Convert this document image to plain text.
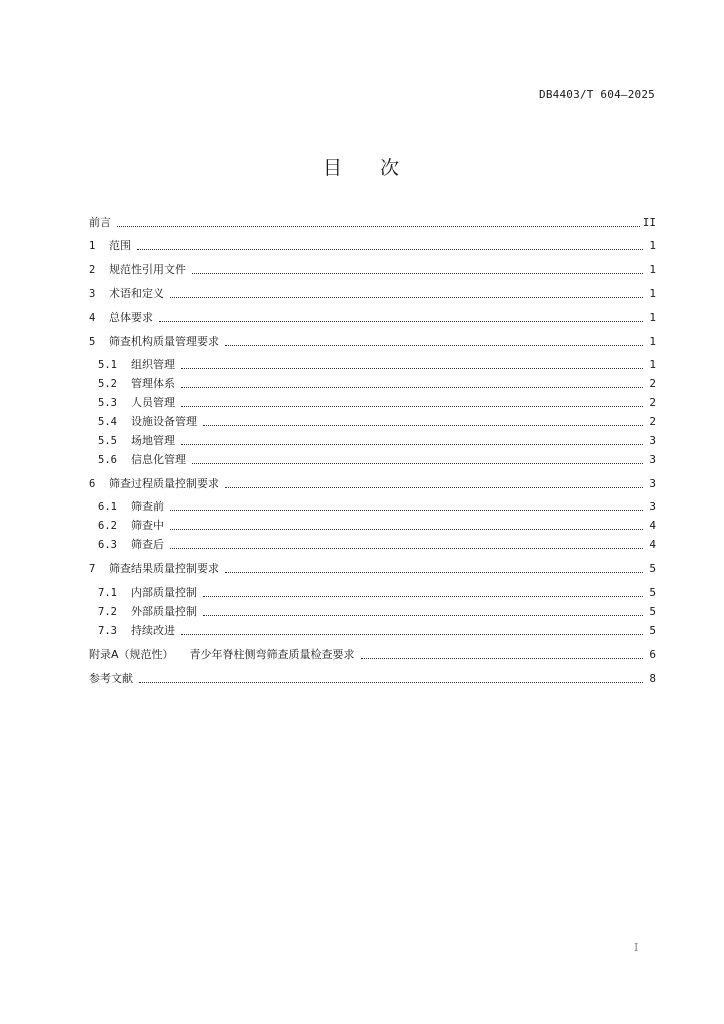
DB4403/T 604—2025
目 次
前言	II
1	范围	1
2	规范性引用文件	1
3	术语和定义	1
4	总体要求	1
5	筛查机构质量管理要求	1
5.1	组织管理	1
5.2	管理体系	2
5.3	人员管理	2
5.4	设施设备管理	2
5.5	场地管理	3
5.6	信息化管理	3
6	筛查过程质量控制要求	3
6.1	筛查前	3
6.2	筛查中	4
6.3	筛查后	4
7	筛查结果质量控制要求	5
7.1	内部质量控制	5
7.2	外部质量控制	5
7.3	持续改进	5
附录A（规范性） 青少年脊柱侧弯筛查质量检查要求	6
参考文献	8
I
